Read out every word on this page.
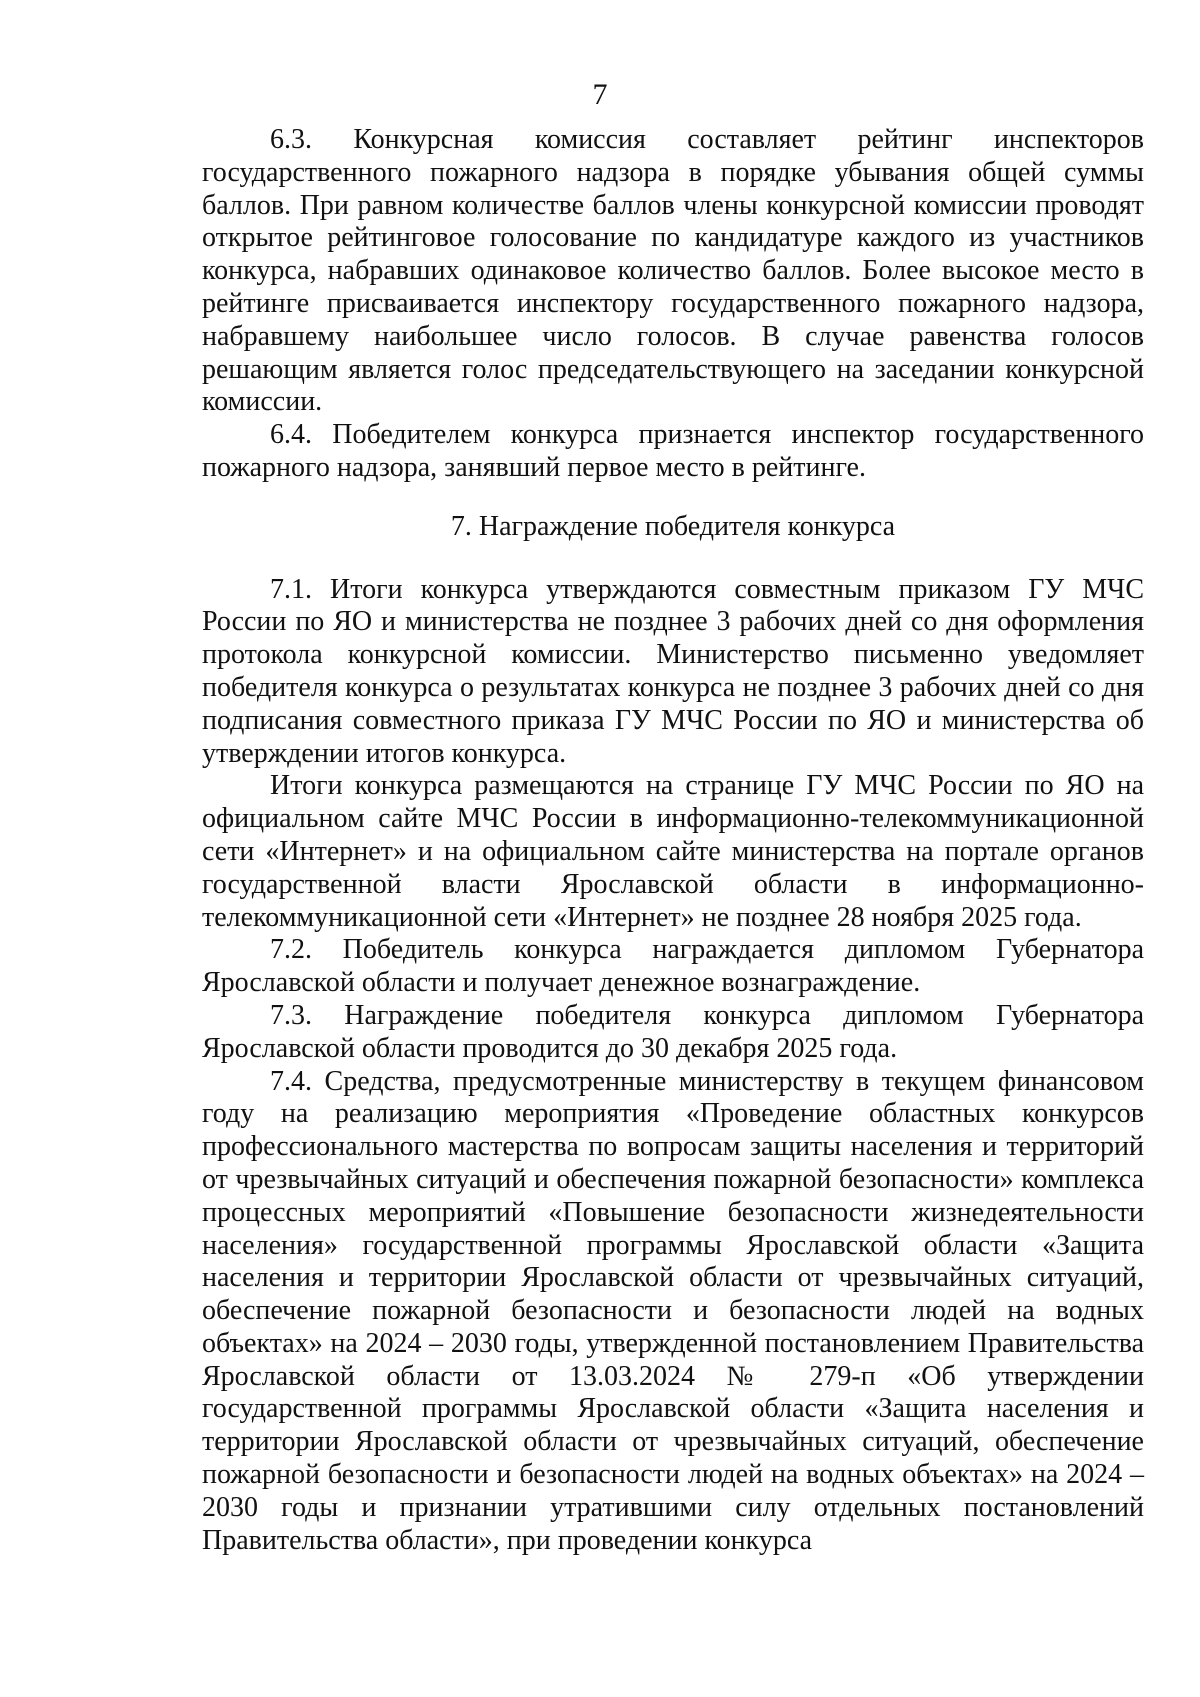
7

6.3. Конкурсная комиссия составляет рейтинг инспекторов государственного пожарного надзора в порядке убывания общей суммы баллов. При равном количестве баллов члены конкурсной комиссии проводят открытое рейтинговое голосование по кандидатуре каждого из участников конкурса, набравших одинаковое количество баллов. Более высокое место в рейтинге присваивается инспектору государственного пожарного надзора, набравшему наибольшее число голосов. В случае равенства голосов решающим является голос председательствующего на заседании конкурсной комиссии.

6.4. Победителем конкурса признается инспектор государственного пожарного надзора, занявший первое место в рейтинге.

7. Награждение победителя конкурса

7.1. Итоги конкурса утверждаются совместным приказом ГУ МЧС России по ЯО и министерства не позднее 3 рабочих дней со дня оформления протокола конкурсной комиссии. Министерство письменно уведомляет победителя конкурса о результатах конкурса не позднее 3 рабочих дней со дня подписания совместного приказа ГУ МЧС России по ЯО и министерства об утверждении итогов конкурса.

Итоги конкурса размещаются на странице ГУ МЧС России по ЯО на официальном сайте МЧС России в информационно-телекоммуникационной сети «Интернет» и на официальном сайте министерства на портале органов государственной власти Ярославской области в информационно-телекоммуникационной сети «Интернет» не позднее 28 ноября 2025 года.

7.2. Победитель конкурса награждается дипломом Губернатора Ярославской области и получает денежное вознаграждение.

7.3. Награждение победителя конкурса дипломом Губернатора Ярославской области проводится до 30 декабря 2025 года.

7.4. Средства, предусмотренные министерству в текущем финансовом году на реализацию мероприятия «Проведение областных конкурсов профессионального мастерства по вопросам защиты населения и территорий от чрезвычайных ситуаций и обеспечения пожарной безопасности» комплекса процессных мероприятий «Повышение безопасности жизнедеятельности населения» государственной программы Ярославской области «Защита населения и территории Ярославской области от чрезвычайных ситуаций, обеспечение пожарной безопасности и безопасности людей на водных объектах» на 2024 – 2030 годы, утвержденной постановлением Правительства Ярославской области от 13.03.2024 № 279-п «Об утверждении государственной программы Ярославской области «Защита населения и территории Ярославской области от чрезвычайных ситуаций, обеспечение пожарной безопасности и безопасности людей на водных объектах» на 2024 – 2030 годы и признании утратившими силу отдельных постановлений Правительства области», при проведении конкурса
